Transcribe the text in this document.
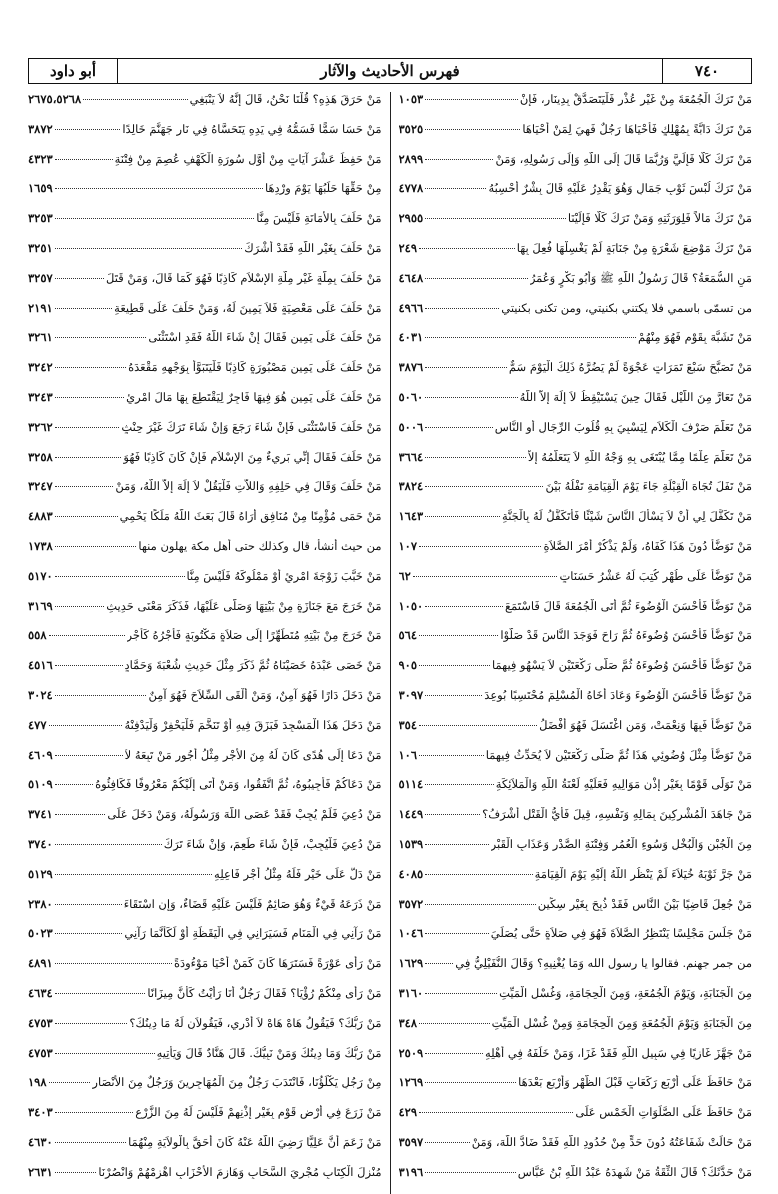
٧٤٠
فهرس الأحاديث والآثار
أبو داود
مَنْ تَرَكَ الْجُمُعَةَ مِنْ غَيْرِ عُذْرٍ فَلْيَتَصَدَّقْ بِدِينَارٍ، فَإِنْ
١٠٥٣
مَنْ تَرَكَ دَابَّةً بِمُهْلِكٍ فَأَحْيَاهَا رَجُلٌ فَهِيَ لِمَنْ أَحْيَاهَا
٣٥٢٥
مَنْ تَرَكَ كَلًّا فَإِلَيَّ وَرُبَّمَا قَالَ إِلَى اللَّهِ وَإِلَى رَسُولِهِ، وَمَنْ
٢٨٩٩
مَنْ تَرَكَ لُبْسَ ثَوْبِ جَمَالٍ وَهُوَ يَقْدِرُ عَلَيْهِ قَالَ بِشْرٌ أَحْسِبُهُ
٤٧٧٨
مَنْ تَرَكَ مَالاً فَلِوَرَثَتِهِ وَمَنْ تَرَكَ كَلًّا فَإِلَيْنَا
٢٩٥٥
مَنْ تَرَكَ مَوْضِعَ شَعْرَةٍ مِنْ جَنَابَةٍ لَمْ يَغْسِلْهَا فُعِلَ بِهَا
٢٤٩
مَنِ السُّمَعَةُ؟ قَالَ رَسُولُ اللَّهِ ﷺ وَأَبُو بَكْرٍ وَعُمَرُ
٤٦٤٨
من تسمّى باسمي فلا يكتني بكنيتي، ومن تكنى بكنيتي
٤٩٦٦
مَنْ تَشَبَّهَ بِقَوْمٍ فَهُوَ مِنْهُمْ
٤٠٣١
مَنْ تَصَبَّحَ سَبْعَ تَمَرَاتٍ عَجْوَةً لَمْ يَضُرَّهُ ذَلِكَ الْيَوْمَ سَمٌّ
٣٨٧٦
مَنْ تَعَارَّ مِنَ اللَّيْلِ فَقَالَ حِينَ يَسْتَيْقِظُ لاَ إِلَهَ إِلاَّ اللَّهُ
٥٠٦٠
مَنْ تَعَلَّمَ صَرْفَ الْكَلاَمِ لِيَسْبِيَ بِهِ قُلُوبَ الرِّجَالِ أَوِ النَّاسِ
٥٠٠٦
مَنْ تَعَلَّمَ عِلْمًا مِمَّا يُبْتَغَى بِهِ وَجْهُ اللَّهِ لاَ يَتَعَلَّمُهُ إِلاَّ
٣٦٦٤
مَنْ تَفَلَ تُجَاهَ الْقِبْلَةِ جَاءَ يَوْمَ الْقِيَامَةِ تَفْلُهُ بَيْنَ
٣٨٢٤
مَنْ تَكَفَّلَ لِي أَنْ لاَ يَسْأَلَ النَّاسَ شَيْئًا فَأَتَكَفَّلُ لَهُ بِالْجَنَّةِ
١٦٤٣
مَنْ تَوَضَّأَ دُونَ هَذَا كَفَاهُ، وَلَمْ يَذْكُرْ أَمْرَ الصَّلاَةِ
١٠٧
مَنْ تَوَضَّأَ عَلَى طُهْرٍ كُتِبَ لَهُ عَشْرُ حَسَنَاتٍ
٦٢
مَنْ تَوَضَّأَ فَأَحْسَنَ الْوُضُوءَ ثُمَّ أَتَى الْجُمُعَةَ قَالَ فَاسْتَمَعَ
١٠٥٠
مَنْ تَوَضَّأَ فَأَحْسَنَ وُضُوءَهُ ثُمَّ رَاحَ فَوَجَدَ النَّاسَ قَدْ صَلَّوْا
٥٦٤
مَنْ تَوَضَّأَ فَأَحْسَنَ وُضُوءَهُ ثُمَّ صَلَّى رَكْعَتَيْنِ لاَ يَسْهُو فِيهِمَا
٩٠٥
مَنْ تَوَضَّأَ فَأَحْسَنَ الْوُضُوءَ وَعَادَ أَخَاهُ الْمُسْلِمَ مُحْتَسِبًا بُوعِدَ
٣٠٩٧
مَنْ تَوَضَّأَ فَبِهَا وَنِعْمَتْ، وَمَنِ اغْتَسَلَ فَهُوَ أَفْضَلُ
٣٥٤
مَنْ تَوَضَّأَ مِثْلَ وُضُوئِي هَذَا ثُمَّ صَلَّى رَكْعَتَيْنِ لاَ يُحَدِّثُ فِيهِمَا
١٠٦
مَنْ تَوَلَّى قَوْمًا بِغَيْرِ إِذْنِ مَوَالِيهِ فَعَلَيْهِ لَعْنَةُ اللَّهِ وَالْمَلاَئِكَةِ
٥١١٤
مَنْ جَاهَدَ الْمُشْرِكِينَ بِمَالِهِ وَنَفْسِهِ، قِيلَ فَأَيُّ الْقَتْلِ أَشْرَفُ؟
١٤٤٩
مِنَ الْجُبْنِ وَالْبُخْلِ وَسُوءِ الْعُمُرِ وَفِتْنَةِ الصَّدْرِ وَعَذَابِ الْقَبْرِ
١٥٣٩
مَنْ جَرَّ ثَوْبَهُ خُيَلاَءَ لَمْ يَنْظُرِ اللَّهُ إِلَيْهِ يَوْمَ الْقِيَامَةِ
٤٠٨٥
مَنْ جُعِلَ قَاضِيًا بَيْنَ النَّاسِ فَقَدْ ذُبِحَ بِغَيْرِ سِكِّينٍ
٣٥٧٢
مَنْ جَلَسَ مَجْلِسًا يَنْتَظِرُ الصَّلاَةَ فَهُوَ فِي صَلاَةٍ حَتَّى يُصَلِّيَ
١٠٤٦
من جمر جهنم. فقالوا يا رسول الله وَمَا يُغْنِيهِ؟ وَقَالَ النُّفَيْلِيُّ فِي
١٦٢٩
مِنَ الْجَنَابَةِ، وَيَوْمَ الْجُمُعَةِ، وَمِنَ الْحِجَامَةِ، وَغُسْلِ الْمَيِّتِ
٣١٦٠
مِنَ الْجَنَابَةِ وَيَوْمَ الْجُمُعَةِ وَمِنَ الْحِجَامَةِ وَمِنْ غُسْلِ الْمَيِّتِ
٣٤٨
مَنْ جَهَّزَ غَازِيًا فِي سَبِيلِ اللَّهِ فَقَدْ غَزَا، وَمَنْ خَلَفَهُ فِي أَهْلِهِ
٢٥٠٩
مَنْ حَافَظَ عَلَى أَرْبَعِ رَكَعَاتٍ قَبْلَ الظُّهْرِ وَأَرْبَعٍ بَعْدَهَا
١٢٦٩
مَنْ حَافَظَ عَلَى الصَّلَوَاتِ الْخَمْسِ عَلَى
٤٢٩
مَنْ حَالَتْ شَفَاعَتُهُ دُونَ حَدٍّ مِنْ حُدُودِ اللَّهِ فَقَدْ ضَادَّ اللَّهَ، وَمَنْ
٣٥٩٧
مَنْ حَدَّثَكَ؟ قَالَ الثِّقَةُ مَنْ شَهِدَهُ عَبْدُ اللَّهِ بْنُ عَبَّاسٍ
٣١٩٦
مَنْ حَرَقَ هَذِهِ؟ قُلْنَا نَحْنُ، قَالَ إِنَّهُ لاَ يَنْبَغِي
٢٦٧٥،٥٢٦٨
مَنْ حَسَا سَمًّا فَسَمُّهُ فِي يَدِهِ يَتَحَسَّاهُ فِي نَارِ جَهَنَّمَ خَالِدًا
٣٨٧٢
مَنْ حَفِظَ عَشْرَ آيَاتٍ مِنْ أَوَّلِ سُورَةِ الْكَهْفِ عُصِمَ مِنْ فِتْنَةِ
٤٣٢٣
مِنْ حَقِّهَا حَلَبُهَا يَوْمَ وِرْدِهَا
١٦٥٩
مَنْ حَلَفَ بِالأَمَانَةِ فَلَيْسَ مِنَّا
٣٢٥٣
مَنْ حَلَفَ بِغَيْرِ اللَّهِ فَقَدْ أَشْرَكَ
٣٢٥١
مَنْ حَلَفَ بِمِلَّةٍ غَيْرِ مِلَّةِ الإِسْلاَمِ كَاذِبًا فَهُوَ كَمَا قَالَ، وَمَنْ قَتَلَ
٣٢٥٧
مَنْ حَلَفَ عَلَى مَعْصِيَةٍ فَلاَ يَمِينَ لَهُ، وَمَنْ حَلَفَ عَلَى قَطِيعَةِ
٢١٩١
مَنْ حَلَفَ عَلَى يَمِينٍ فَقَالَ إِنْ شَاءَ اللَّهُ فَقَدِ اسْتَثْنَى
٣٢٦١
مَنْ حَلَفَ عَلَى يَمِينٍ مَصْبُورَةٍ كَاذِبًا فَلْيَتَبَوَّأْ بِوَجْهِهِ مَقْعَدَهُ
٣٢٤٢
مَنْ حَلَفَ عَلَى يَمِينٍ هُوَ فِيهَا فَاجِرٌ لِيَقْتَطِعَ بِهَا مَالَ امْرِئٍ
٣٢٤٣
مَنْ حَلَفَ فَاسْتَثْنَى فَإِنْ شَاءَ رَجَعَ وَإِنْ شَاءَ تَرَكَ غَيْرَ حِنْثٍ
٣٢٦٢
مَنْ حَلَفَ فَقَالَ إِنِّي بَرِيءٌ مِنَ الإِسْلاَمِ فَإِنْ كَانَ كَاذِبًا فَهُوَ
٣٢٥٨
مَنْ حَلَفَ وَقَالَ فِي حَلِفِهِ وَاللاَّتِ فَلْيَقُلْ لاَ إِلَهَ إِلاَّ اللَّهُ، وَمَنْ
٣٢٤٧
مَنْ حَمَى مُؤْمِنًا مِنْ مُنَافِقٍ أُرَاهُ قَالَ بَعَثَ اللَّهُ مَلَكًا يَحْمِي
٤٨٨٣
من حيث أنشأ، قال وكذلك حتى أهل مكة يهلون منها
١٧٣٨
مَنْ خَبَّبَ زَوْجَةَ امْرِئٍ أَوْ مَمْلُوكَهُ فَلَيْسَ مِنَّا
٥١٧٠
مَنْ خَرَجَ مَعَ جَنَازَةٍ مِنْ بَيْتِهَا وَصَلَّى عَلَيْهَا، فَذَكَرَ مَعْنَى حَدِيثِ
٣١٦٩
مَنْ خَرَجَ مِنْ بَيْتِهِ مُتَطَهِّرًا إِلَى صَلاَةٍ مَكْتُوبَةٍ فَأَجْرُهُ كَأَجْرِ
٥٥٨
مَنْ خَصَى عَبْدَهُ خَصَيْنَاهُ ثُمَّ ذَكَرَ مِثْلَ حَدِيثِ شُعْبَةَ وَحَمَّادٍ
٤٥١٦
مَنْ دَخَلَ دَارًا فَهُوَ آمِنٌ، وَمَنْ أَلْقَى السِّلاَحَ فَهُوَ آمِنٌ
٣٠٢٤
مَنْ دَخَلَ هَذَا الْمَسْجِدَ فَبَزَقَ فِيهِ أَوْ تَنَخَّمَ فَلْيَحْفِرْ وَلْيَدْفِنْهُ
٤٧٧
مَنْ دَعَا إِلَى هُدًى كَانَ لَهُ مِنَ الأَجْرِ مِثْلُ أُجُورِ مَنْ تَبِعَهُ لاَ
٤٦٠٩
مَنْ دَعَاكُمْ فَأَجِيبُوهُ، ثُمَّ اتَّفَقُوا، وَمَنْ أَتَى إِلَيْكُمْ مَعْرُوفًا فَكَافِئُوهُ
٥١٠٩
مَنْ دُعِيَ فَلَمْ يُجِبْ فَقَدْ عَصَى اللَّهَ وَرَسُولَهُ، وَمَنْ دَخَلَ عَلَى
٣٧٤١
مَنْ دُعِيَ فَلْيُجِبْ، فَإِنْ شَاءَ طَعِمَ، وَإِنْ شَاءَ تَرَكَ
٣٧٤٠
مَنْ دَلَّ عَلَى خَيْرٍ فَلَهُ مِثْلُ أَجْرِ فَاعِلِهِ
٥١٢٩
مَنْ ذَرَعَهُ قَيْءٌ وَهُوَ صَائِمٌ فَلَيْسَ عَلَيْهِ قَضَاءٌ، وَإِنِ اسْتَقَاءَ
٢٣٨٠
مَنْ رَآنِي فِي الْمَنَامِ فَسَيَرَانِي فِي الْيَقَظَةِ أَوْ لَكَأَنَّمَا رَآنِي
٥٠٢٣
مَنْ رَأَى عَوْرَةً فَسَتَرَهَا كَانَ كَمَنْ أَحْيَا مَوْءُودَةً
٤٨٩١
مَنْ رَأَى مِنْكُمْ رُؤْيَا؟ فَقَالَ رَجُلٌ أَنَا رَأَيْتُ كَأَنَّ مِيزَانًا
٤٦٣٤
مَنْ رَبُّكَ؟ فَيَقُولُ هَاهْ هَاهْ لاَ أَدْرِي، فَيَقُولاَنِ لَهُ مَا دِينُكَ؟
٤٧٥٣
مَنْ رَبُّكَ وَمَا دِينُكَ وَمَنْ نَبِيُّكَ. قَالَ هَنَّادٌ قَالَ وَيَأْتِيهِ
٤٧٥٣
مِنْ رَجُلٍ يَكْلَؤُنَا، فَانْتَدَبَ رَجُلٌ مِنَ الْمُهَاجِرِينَ وَرَجُلٌ مِنَ الأَنْصَارِ
١٩٨
مَنْ زَرَعَ فِي أَرْضِ قَوْمٍ بِغَيْرِ إِذْنِهِمْ فَلَيْسَ لَهُ مِنَ الزَّرْعِ
٣٤٠٣
مَنْ زَعَمَ أَنَّ عَلِيًّا رَضِيَ اللَّهُ عَنْهُ كَانَ أَحَقَّ بِالْوِلاَيَةِ مِنْهُمَا
٤٦٣٠
مُنْزِلَ الْكِتَابِ مُجْرِيَ السَّحَابِ وَهَازِمَ الأَحْزَابِ اهْزِمْهُمْ وَانْصُرْنَا
٢٦٣١
